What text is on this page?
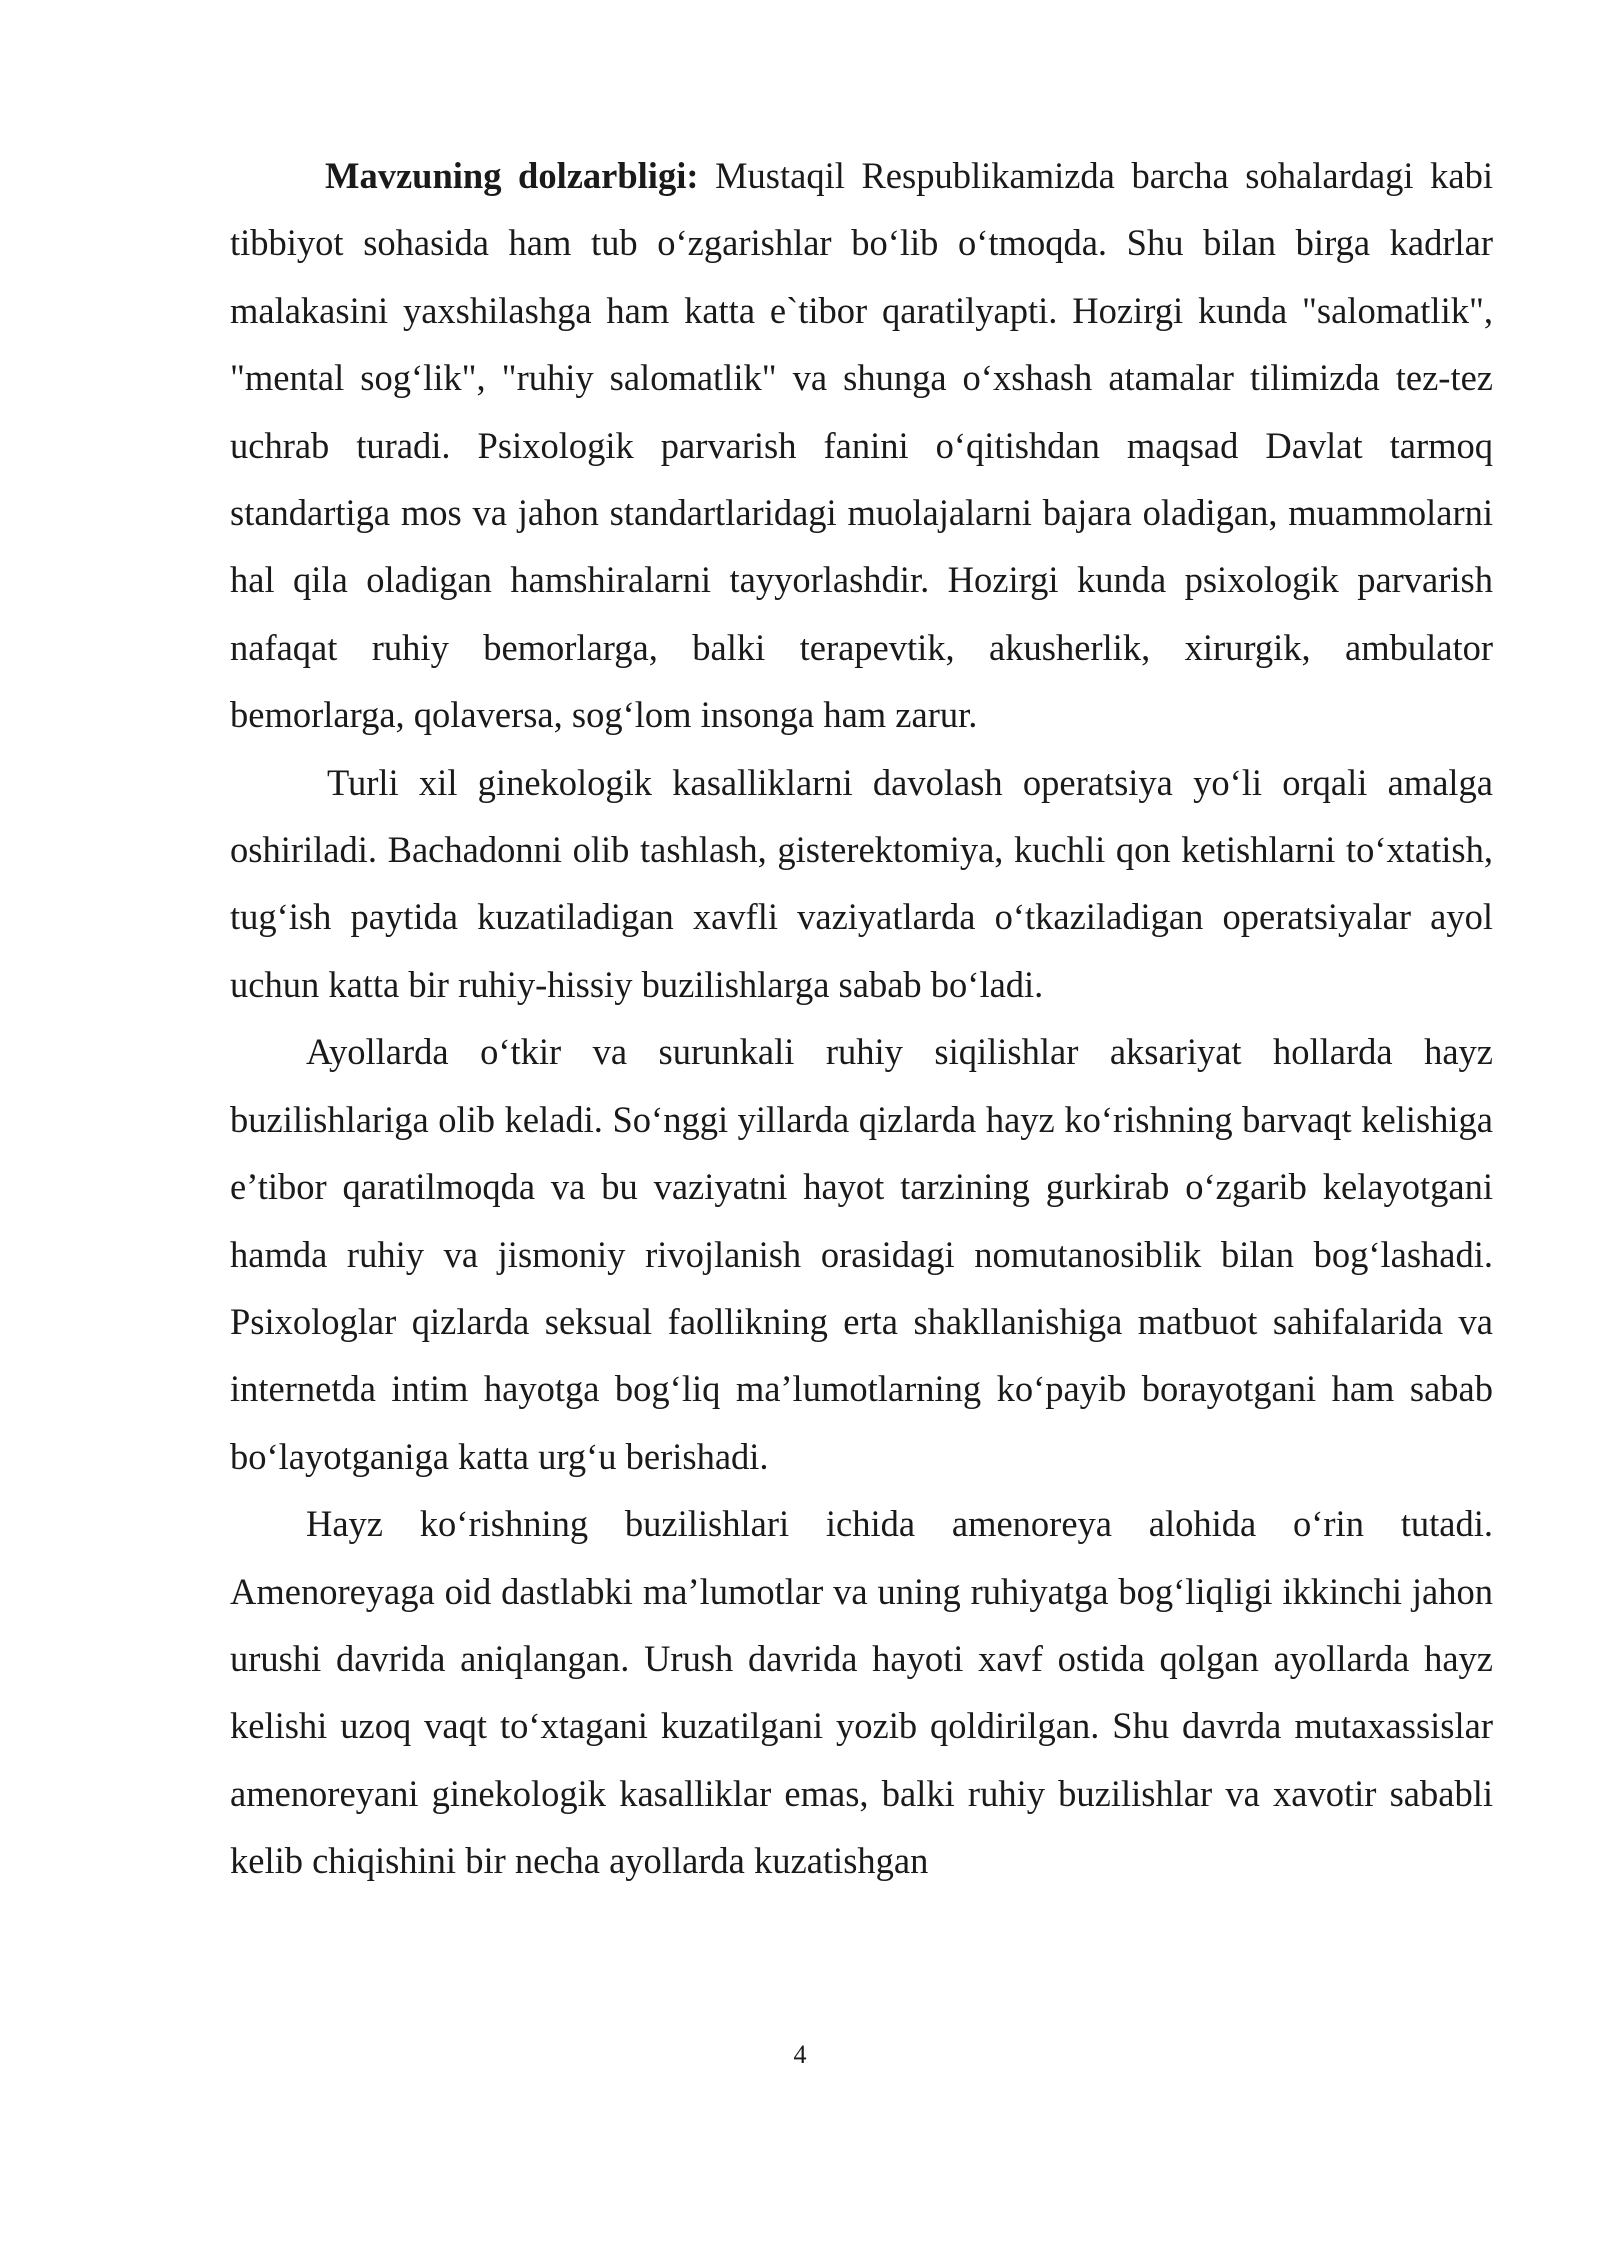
Mavzuning dolzarbligi: Mustaqil Respublikamizda barcha sohalardagi kabi tibbiyot sohasida ham tub o‘zgarishlar bo‘lib o‘tmoqda. Shu bilan birga kadrlar malakasini yaxshilashga ham katta e`tibor qaratilyapti. Hozirgi kunda "salomatlik", "mental sog‘lik", "ruhiy salomatlik" va shunga o‘xshash atamalar tilimizda tez-tez uchrab turadi. Psixologik parvarish fanini o‘qitishdan maqsad Davlat tarmoq standartiga mos va jahon standartlaridagi muolajalarni bajara oladigan, muammolarni hal qila oladigan hamshiralarni tayyorlashdir. Hozirgi kunda psixologik parvarish nafaqat ruhiy bemorlarga, balki terapevtik, akusherlik, xirurgik, ambulator bemorlarga, qolaversa, sog‘lom insonga ham zarur.

Turli xil ginekologik kasalliklarni davolash operatsiya yo‘li orqali amalga oshiriladi. Bachadonni olib tashlash, gisterektomiya, kuchli qon ketishlarni to‘xtatish, tug‘ish paytida kuzatiladigan xavfli vaziyatlarda o‘tkaziladigan operatsiyalar ayol uchun katta bir ruhiy-hissiy buzilishlarga sabab bo‘ladi.

Ayollarda o‘tkir va surunkali ruhiy siqilishlar aksariyat hollarda hayz buzilishlariga olib keladi. So‘nggi yillarda qizlarda hayz ko‘rishning barvaqt kelishiga e’tibor qaratilmoqda va bu vaziyatni hayot tarzining gurkirab o‘zgarib kelayotgani hamda ruhiy va jismoniy rivojlanish orasidagi nomutanosiblik bilan bog‘lashadi. Psixologlar qizlarda seksual faollikning erta shakllanishiga matbuot sahifalarida va internetda intim hayotga bog‘liq ma’lumotlarning ko‘payib borayotgani ham sabab bo‘layotganiga katta urg‘u berishadi.

Hayz ko‘rishning buzilishlari ichida amenoreya alohida o‘rin tutadi. Amenoreyaga oid dastlabki ma’lumotlar va uning ruhiyatga bog‘liqligi ikkinchi jahon urushi davrida aniqlangan. Urush davrida hayoti xavf ostida qolgan ayollarda hayz kelishi uzoq vaqt to‘xtagani kuzatilgani yozib qoldirilgan. Shu davrda mutaxassislar amenoreyani ginekologik kasalliklar emas, balki ruhiy buzilishlar va xavotir sababli kelib chiqishini bir necha ayollarda kuzatishgan

4
